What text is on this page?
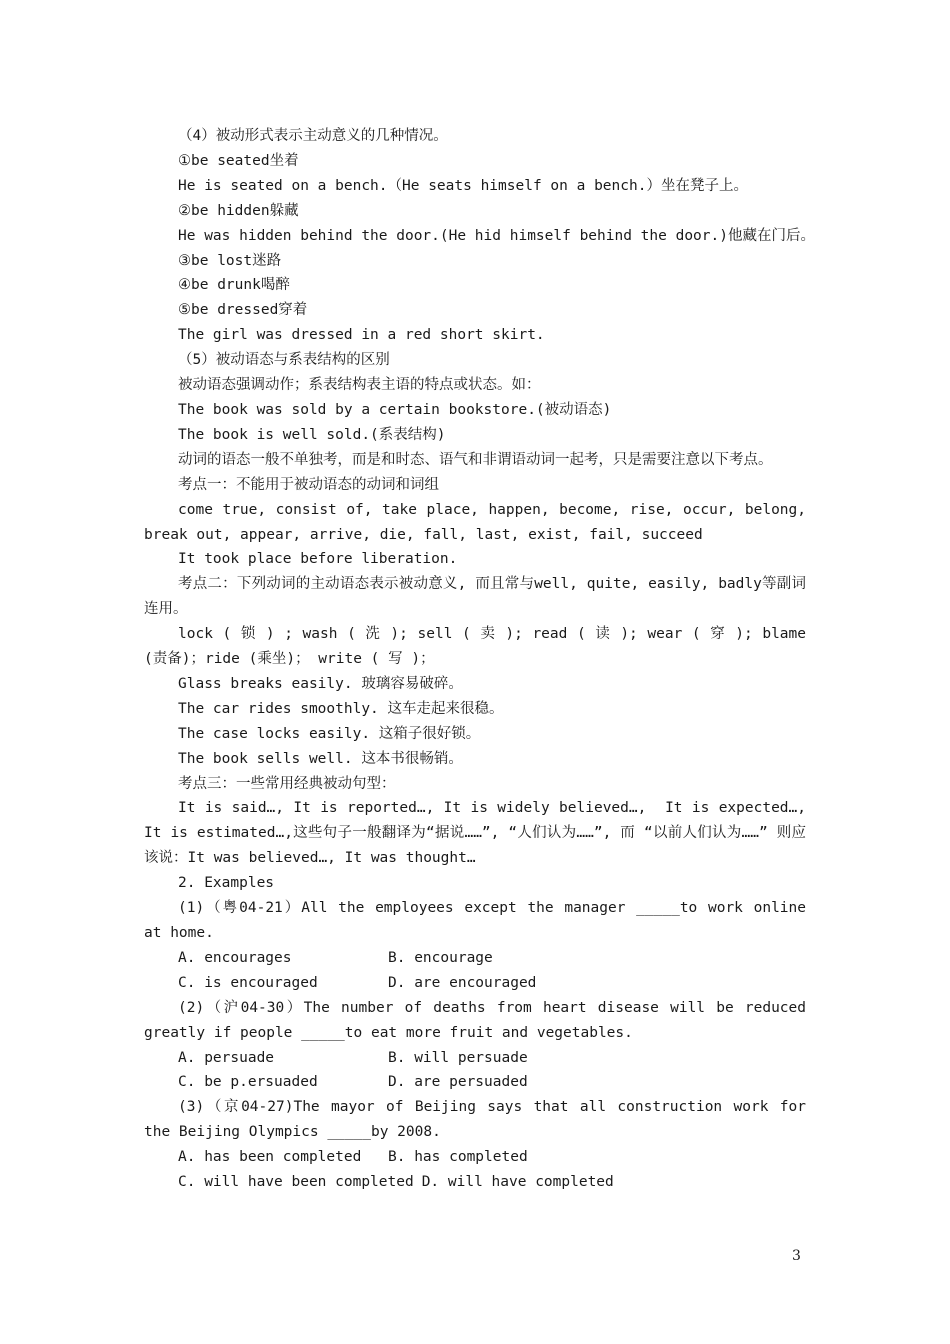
（4）被动形式表示主动意义的几种情况。

①be seated坐着

He is seated on a bench.（He seats himself on a bench.）坐在凳子上。

②be hidden躲藏

He was hidden behind the door.(He hid himself behind the door.)他藏在门后。

③be lost迷路

④be drunk喝醉

⑤be dressed穿着

The girl was dressed in a red short skirt.

（5）被动语态与系表结构的区别

被动语态强调动作；系表结构表主语的特点或状态。如：

The book was sold by a certain bookstore.(被动语态)

The book is well sold.(系表结构)

动词的语态一般不单独考，而是和时态、语气和非谓语动词一起考，只是需要注意以下考点。

考点一：不能用于被动语态的动词和词组

come true, consist of, take place, happen, become, rise, occur, belong, break out, appear, arrive, die, fall, last, exist, fail, succeed

It took place before liberation.

考点二：下列动词的主动语态表示被动意义, 而且常与well, quite, easily, badly等副词连用。

lock ( 锁 ) ; wash ( 洗 ); sell ( 卖 ); read ( 读 ); wear ( 穿 ); blame (责备)；ride (乘坐)； write ( 写 )；

Glass breaks easily. 玻璃容易破碎。

The car rides smoothly. 这车走起来很稳。

The case locks easily. 这箱子很好锁。

The book sells well. 这本书很畅销。

考点三：一些常用经典被动句型：

It is said…, It is reported…, It is widely believed…,  It is expected…, It is estimated…,这些句子一般翻译为“据说……”, “人们认为……”, 而 “以前人们认为……” 则应该说：It was believed…, It was thought…

2. Examples

(1)（粤04-21）All the employees except the manager _____to work online at home.

A. encourages	B. encourage
C. is encouraged	D. are encouraged

(2)（沪04-30）The number of deaths from heart disease will be reduced greatly if people _____to eat more fruit and vegetables.

A. persuade	B. will persuade
C. be p.ersuaded	D. are persuaded

(3)（京04-27)The mayor of Beijing says that all construction work for the Beijing Olympics _____by 2008.

A. has been completed	B. has completed
C. will have been completed D. will have completed
3
